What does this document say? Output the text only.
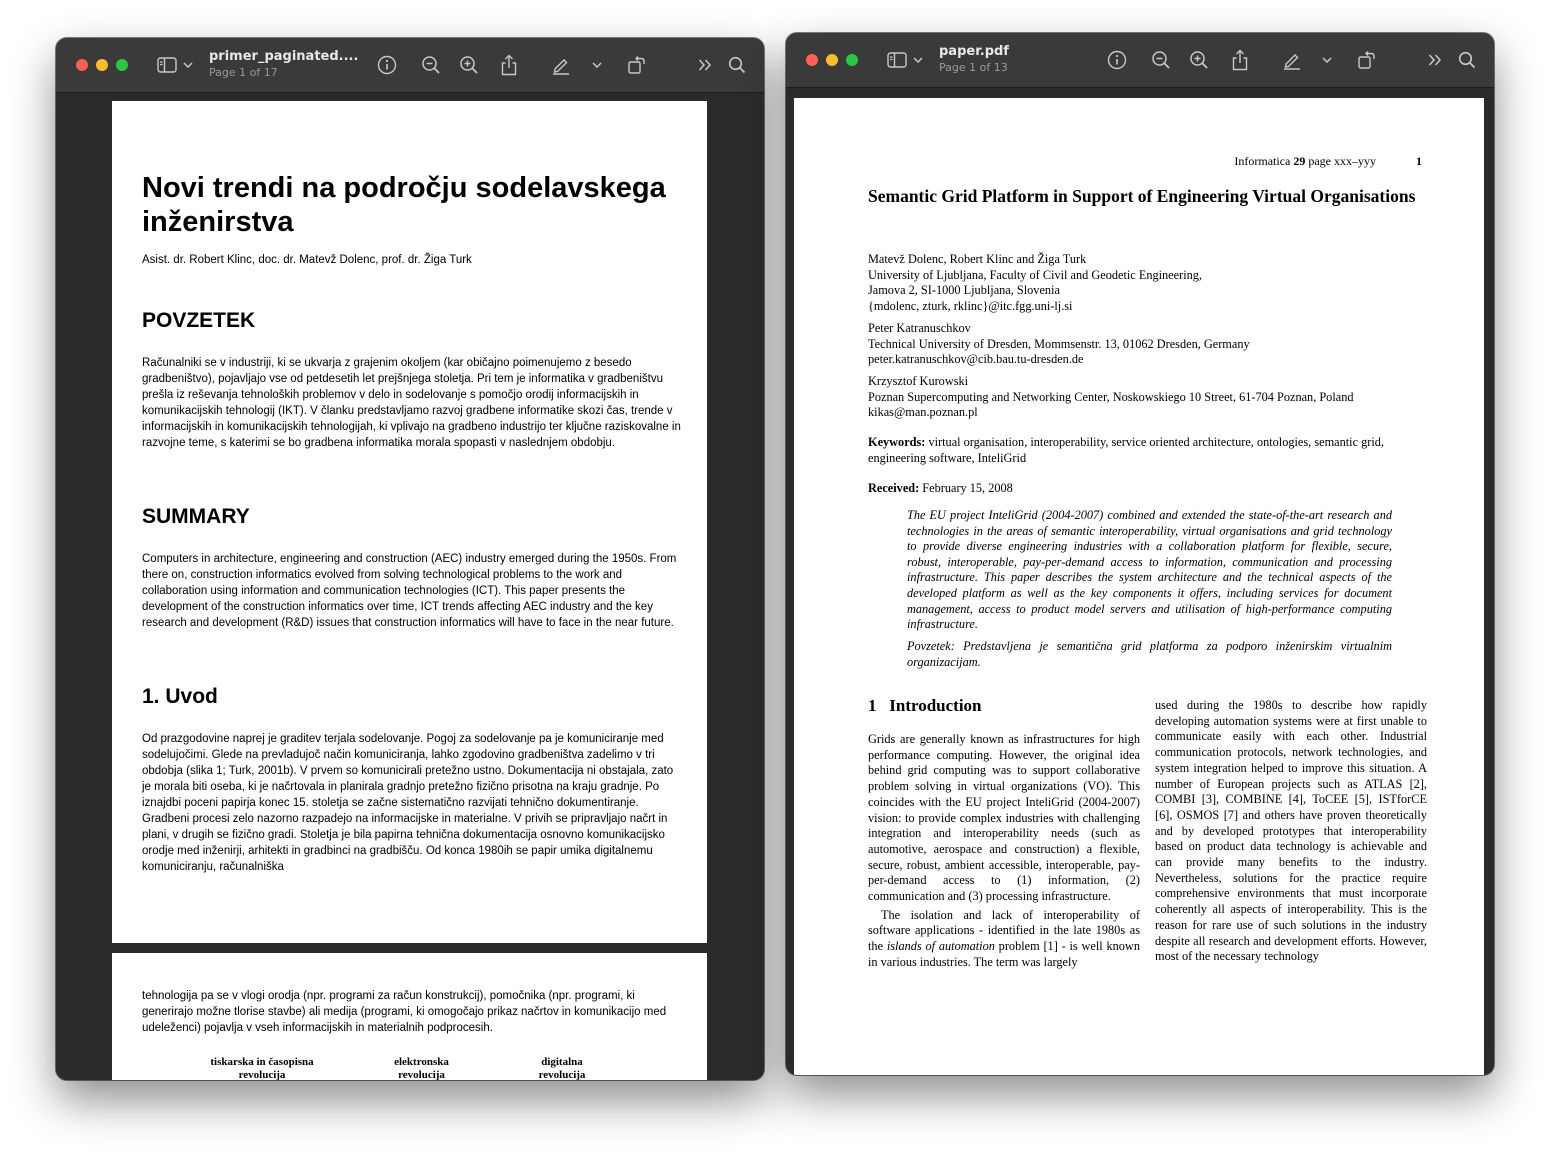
primer_paginated....
Page 1 of 17
Novi trendi na področju sodelavskega inženirstva
Asist. dr. Robert Klinc, doc. dr. Matevž Dolenc, prof. dr. Žiga Turk
POVZETEK
Računalniki se v industriji, ki se ukvarja z grajenim okoljem (kar običajno poimenujemo z besedo gradbeništvo), pojavljajo vse od petdesetih let prejšnjega stoletja. Pri tem je informatika v gradbeništvu prešla iz reševanja tehnoloških problemov v delo in sodelovanje s pomočjo orodij informacijskih in komunikacijskih tehnologij (IKT). V članku predstavljamo razvoj gradbene informatike skozi čas, trende v informacijskih in komunikacijskih tehnologijah, ki vplivajo na gradbeno industrijo ter ključne raziskovalne in razvojne teme, s katerimi se bo gradbena informatika morala spopasti v naslednjem obdobju.
SUMMARY
Computers in architecture, engineering and construction (AEC) industry emerged during the 1950s. From there on, construction informatics evolved from solving technological problems to the work and collaboration using information and communication technologies (ICT). This paper presents the development of the construction informatics over time, ICT trends affecting AEC industry and the key research and development (R&D) issues that construction informatics will have to face in the near future.
1. Uvod
Od prazgodovine naprej je graditev terjala sodelovanje. Pogoj za sodelovanje pa je komuniciranje med sodelujočimi. Glede na prevladujoč način komuniciranja, lahko zgodovino gradbeništva zadelimo v tri obdobja (slika 1; Turk, 2001b). V prvem so komunicirali pretežno ustno. Dokumentacija ni obstajala, zato je morala biti oseba, ki je načrtovala in planirala gradnjo pretežno fizično prisotna na kraju gradnje. Po iznajdbi poceni papirja konec 15. stoletja se začne sistematično razvijati tehnično dokumentiranje. Gradbeni procesi zelo nazorno razpadejo na informacijske in materialne. V privih se pripravljajo načrt in plani, v drugih se fizično gradi. Stoletja je bila papirna tehnična dokumentacija osnovno komunikacijsko orodje med inženirji, arhitekti in gradbinci na gradbišču. Od konca 1980ih se papir umika digitalnemu komuniciranju, računalniška
tehnologija pa se v vlogi orodja (npr. programi za račun konstrukcij), pomočnika (npr. programi, ki generirajo možne tlorise stavbe) ali medija (programi, ki omogočajo prikaz načrtov in komunikacijo med udeleženci) pojavlja v vseh informacijskih in materialnih podprocesih.
tiskarska in časopisna revolucija
elektronska revolucija
digitalna revolucija
paper.pdf
Page 1 of 13
Informatica 29 page xxx–yyy	1
Semantic Grid Platform in Support of Engineering Virtual Organisations
Matevž Dolenc, Robert Klinc and Žiga Turk
University of Ljubljana, Faculty of Civil and Geodetic Engineering,
Jamova 2, SI-1000 Ljubljana, Slovenia
{mdolenc, zturk, rklinc}@itc.fgg.uni-lj.si
Peter Katranuschkov
Technical University of Dresden, Mommsenstr. 13, 01062 Dresden, Germany
peter.katranuschkov@cib.bau.tu-dresden.de
Krzysztof Kurowski
Poznan Supercomputing and Networking Center, Noskowskiego 10 Street, 61-704 Poznan, Poland
kikas@man.poznan.pl
Keywords: virtual organisation, interoperability, service oriented architecture, ontologies, semantic grid, engineering software, InteliGrid
Received: February 15, 2008
The EU project InteliGrid (2004-2007) combined and extended the state-of-the-art research and technologies in the areas of semantic interoperability, virtual organisations and grid technology to provide diverse engineering industries with a collaboration platform for flexible, secure, robust, interoperable, pay-per-demand access to information, communication and processing infrastructure. This paper describes the system architecture and the technical aspects of the developed platform as well as the key components it offers, including services for document management, access to product model servers and utilisation of high-performance computing infrastructure.
Povzetek: Predstavljena je semantična grid platforma za podporo inženirskim virtualnim organizacijam.
1 Introduction

Grids are generally known as infrastructures for high performance computing. However, the original idea behind grid computing was to support collaborative problem solving in virtual organizations (VO). This coincides with the EU project InteliGrid (2004-2007) vision: to provide complex industries with challenging integration and interoperability needs (such as automotive, aerospace and construction) a flexible, secure, robust, ambient accessible, interoperable, pay-per-demand access to (1) information, (2) communication and (3) processing infrastructure.

The isolation and lack of interoperability of software applications - identified in the late 1980s as the islands of automation problem [1] - is well known in various industries. The term was largely

used during the 1980s to describe how rapidly developing automation systems were at first unable to communicate easily with each other. Industrial communication protocols, network technologies, and system integration helped to improve this situation. A number of European projects such as ATLAS [2], COMBI [3], COMBINE [4], ToCEE [5], ISTforCE [6], OSMOS [7] and others have proven theoretically and by developed prototypes that interoperability based on product data technology is achievable and can provide many benefits to the industry. Nevertheless, solutions for the practice require comprehensive environments that must incorporate coherently all aspects of interoperability. This is the reason for rare use of such solutions in the industry despite all research and development efforts. However, most of the necessary technology
